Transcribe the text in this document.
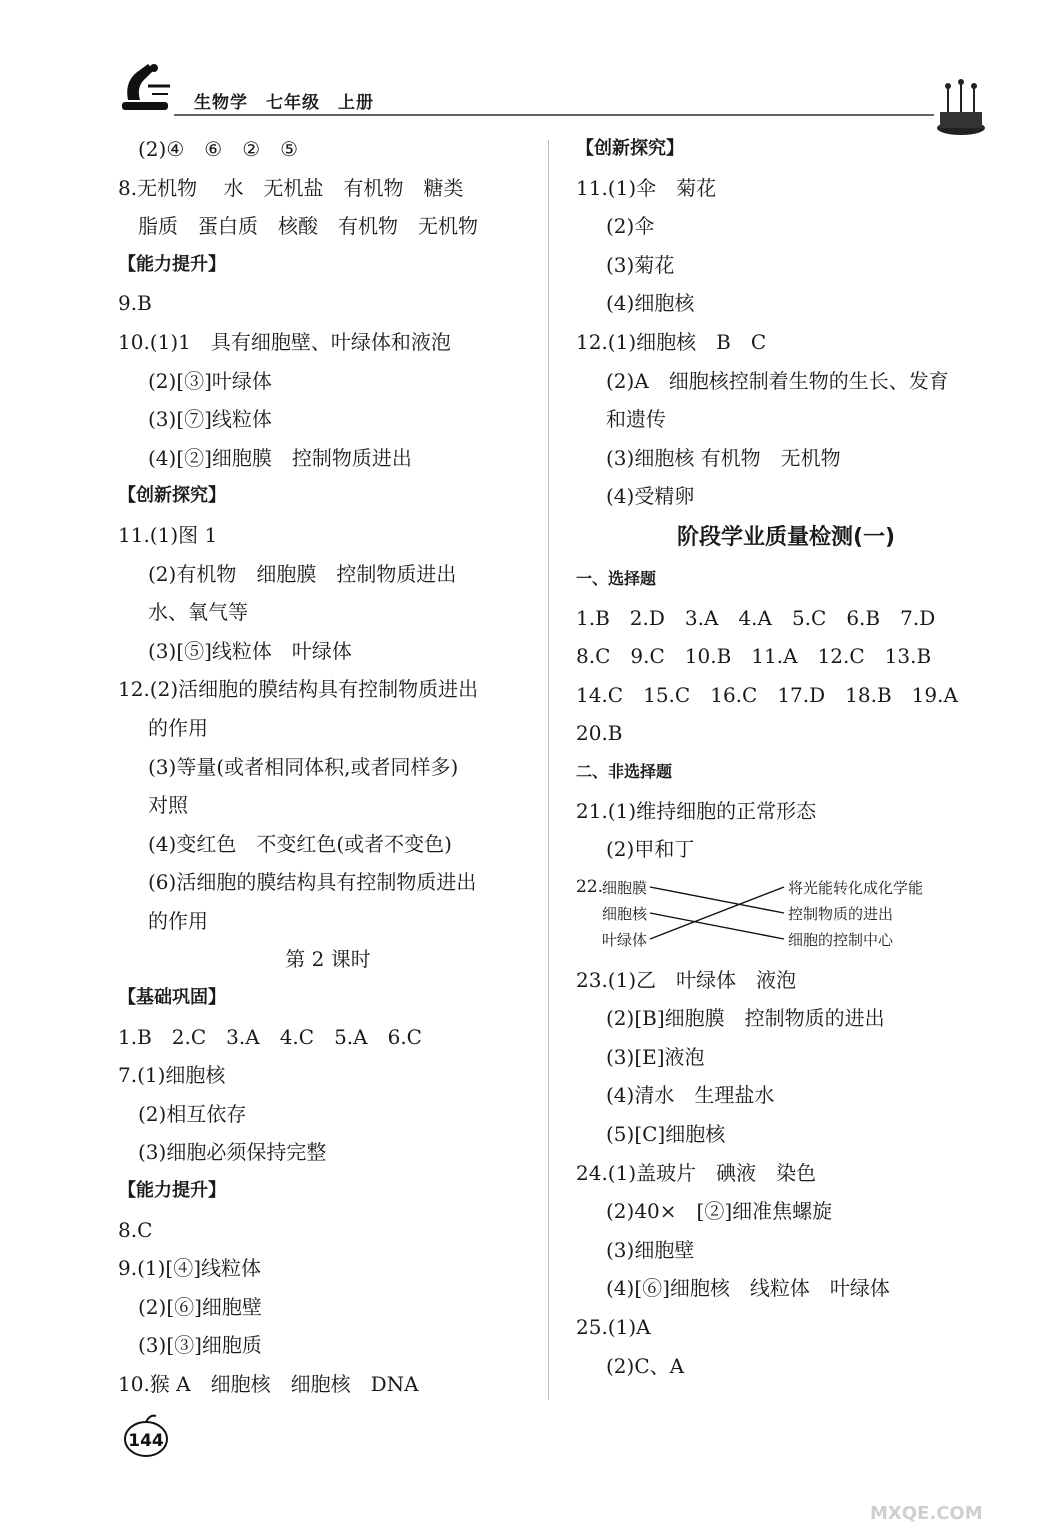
生物学　七年级　上册
(2)④　⑥　②　⑤
8.无机物　 水　无机盐　有机物　糖类
脂质　蛋白质　核酸　有机物　无机物
【能力提升】
9.B
10.(1)1　具有细胞壁、叶绿体和液泡
(2)[③]叶绿体
(3)[⑦]线粒体
(4)[②]细胞膜　控制物质进出
【创新探究】
11.(1)图 1
(2)有机物　细胞膜　控制物质进出
水、氧气等
(3)[⑤]线粒体　叶绿体
12.(2)活细胞的膜结构具有控制物质进出
的作用
(3)等量(或者相同体积,或者同样多)
对照
(4)变红色　不变红色(或者不变色)
(6)活细胞的膜结构具有控制物质进出
的作用
第 2 课时
【基础巩固】
1.B　2.C　3.A　4.C　5.A　6.C
7.(1)细胞核
(2)相互依存
(3)细胞必须保持完整
【能力提升】
8.C
9.(1)[④]线粒体
(2)[⑥]细胞壁
(3)[③]细胞质
10.猴 A　细胞核　细胞核　DNA
【创新探究】
11.(1)伞　菊花
(2)伞
(3)菊花
(4)细胞核
12.(1)细胞核　B　C
(2)A　细胞核控制着生物的生长、发育
和遗传
(3)细胞核 有机物　无机物
(4)受精卵
阶段学业质量检测(一)
一、选择题
1.B　2.D　3.A　4.A　5.C　6.B　7.D
8.C　9.C　10.B　11.A　12.C　13.B
14.C　15.C　16.C　17.D　18.B　19.A
20.B
二、非选择题
21.(1)维持细胞的正常形态
(2)甲和丁
22.
细胞膜
细胞核
叶绿体
将光能转化成化学能
控制物质的进出
细胞的控制中心
23.(1)乙　叶绿体　液泡
(2)[B]细胞膜　控制物质的进出
(3)[E]液泡
(4)清水　生理盐水
(5)[C]细胞核
24.(1)盖玻片　碘液　染色
(2)40×　[②]细准焦螺旋
(3)细胞壁
(4)[⑥]细胞核　线粒体　叶绿体
25.(1)A
(2)C、A
144
MXQE.COM
